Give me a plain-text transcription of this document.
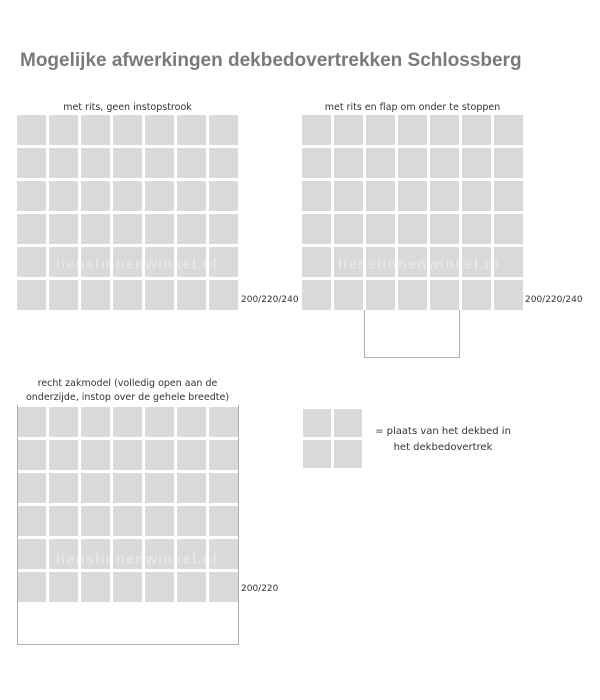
Mogelijke afwerkingen dekbedovertrekken Schlossberg
met rits, geen instopstrook
lienslinnenwinkel.nl
200/220/240
met rits en flap om onder te stoppen
lienslinnenwinkel.nl
200/220/240
recht zakmodel (volledig open aan de
onderzijde, instop over de gehele breedte)
lienslinnenwinkel.nl
200/220
= plaats van het dekbed in
het dekbedovertrek
